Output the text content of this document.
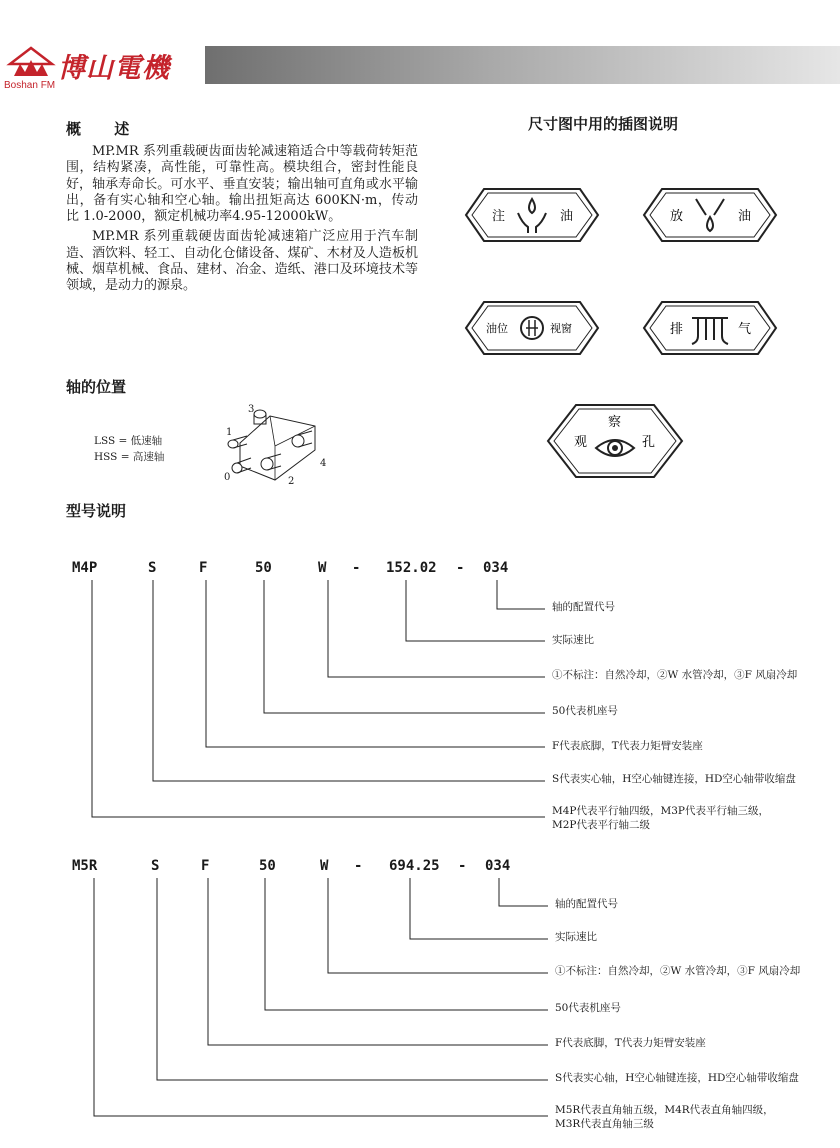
博山電機
Boshan FM
概 述

MP.MR 系列重载硬齿面齿轮减速箱适合中等载荷转矩范围，结构紧凑，高性能，可靠性高。模块组合，密封性能良好，轴承寿命长。可水平、垂直安装；输出轴可直角或水平输出，备有实心轴和空心轴。输出扭矩高达 600KN·m，传动比 1.0-2000，额定机械功率4.95-12000kW。

MP.MR 系列重载硬齿面齿轮减速箱广泛应用于汽车制造、酒饮料、轻工、自动化仓储设备、煤矿、木材及人造板机械、烟草机械、食品、建材、冶金、造纸、港口及环境技术等领域，是动力的源泉。

轴的位置
LSS = 低速轴
HSS = 高速轴
3
1
0	2
4
尺寸图中用的插图说明
注	油	放	油
油位	视窗	排	气
观
察
孔
型号说明
M4P	S	F	50	W - 152.02 - 034
轴的配置代号
实际速比
①不标注：自然冷却，②W 水管冷却，③F 风扇冷却
50代表机座号
F代表底脚，T代表力矩臂安装座
S代表实心轴，H空心轴键连接，HD空心轴带收缩盘
M4P代表平行轴四级，M3P代表平行轴三级，
M2P代表平行轴二级
M5R	S	F	50	W - 694.25 - 034
轴的配置代号
实际速比
①不标注：自然冷却，②W 水管冷却，③F 风扇冷却
50代表机座号
F代表底脚，T代表力矩臂安装座
S代表实心轴，H空心轴键连接，HD空心轴带收缩盘
M5R代表直角轴五级，M4R代表直角轴四级，
M3R代表直角轴三级
